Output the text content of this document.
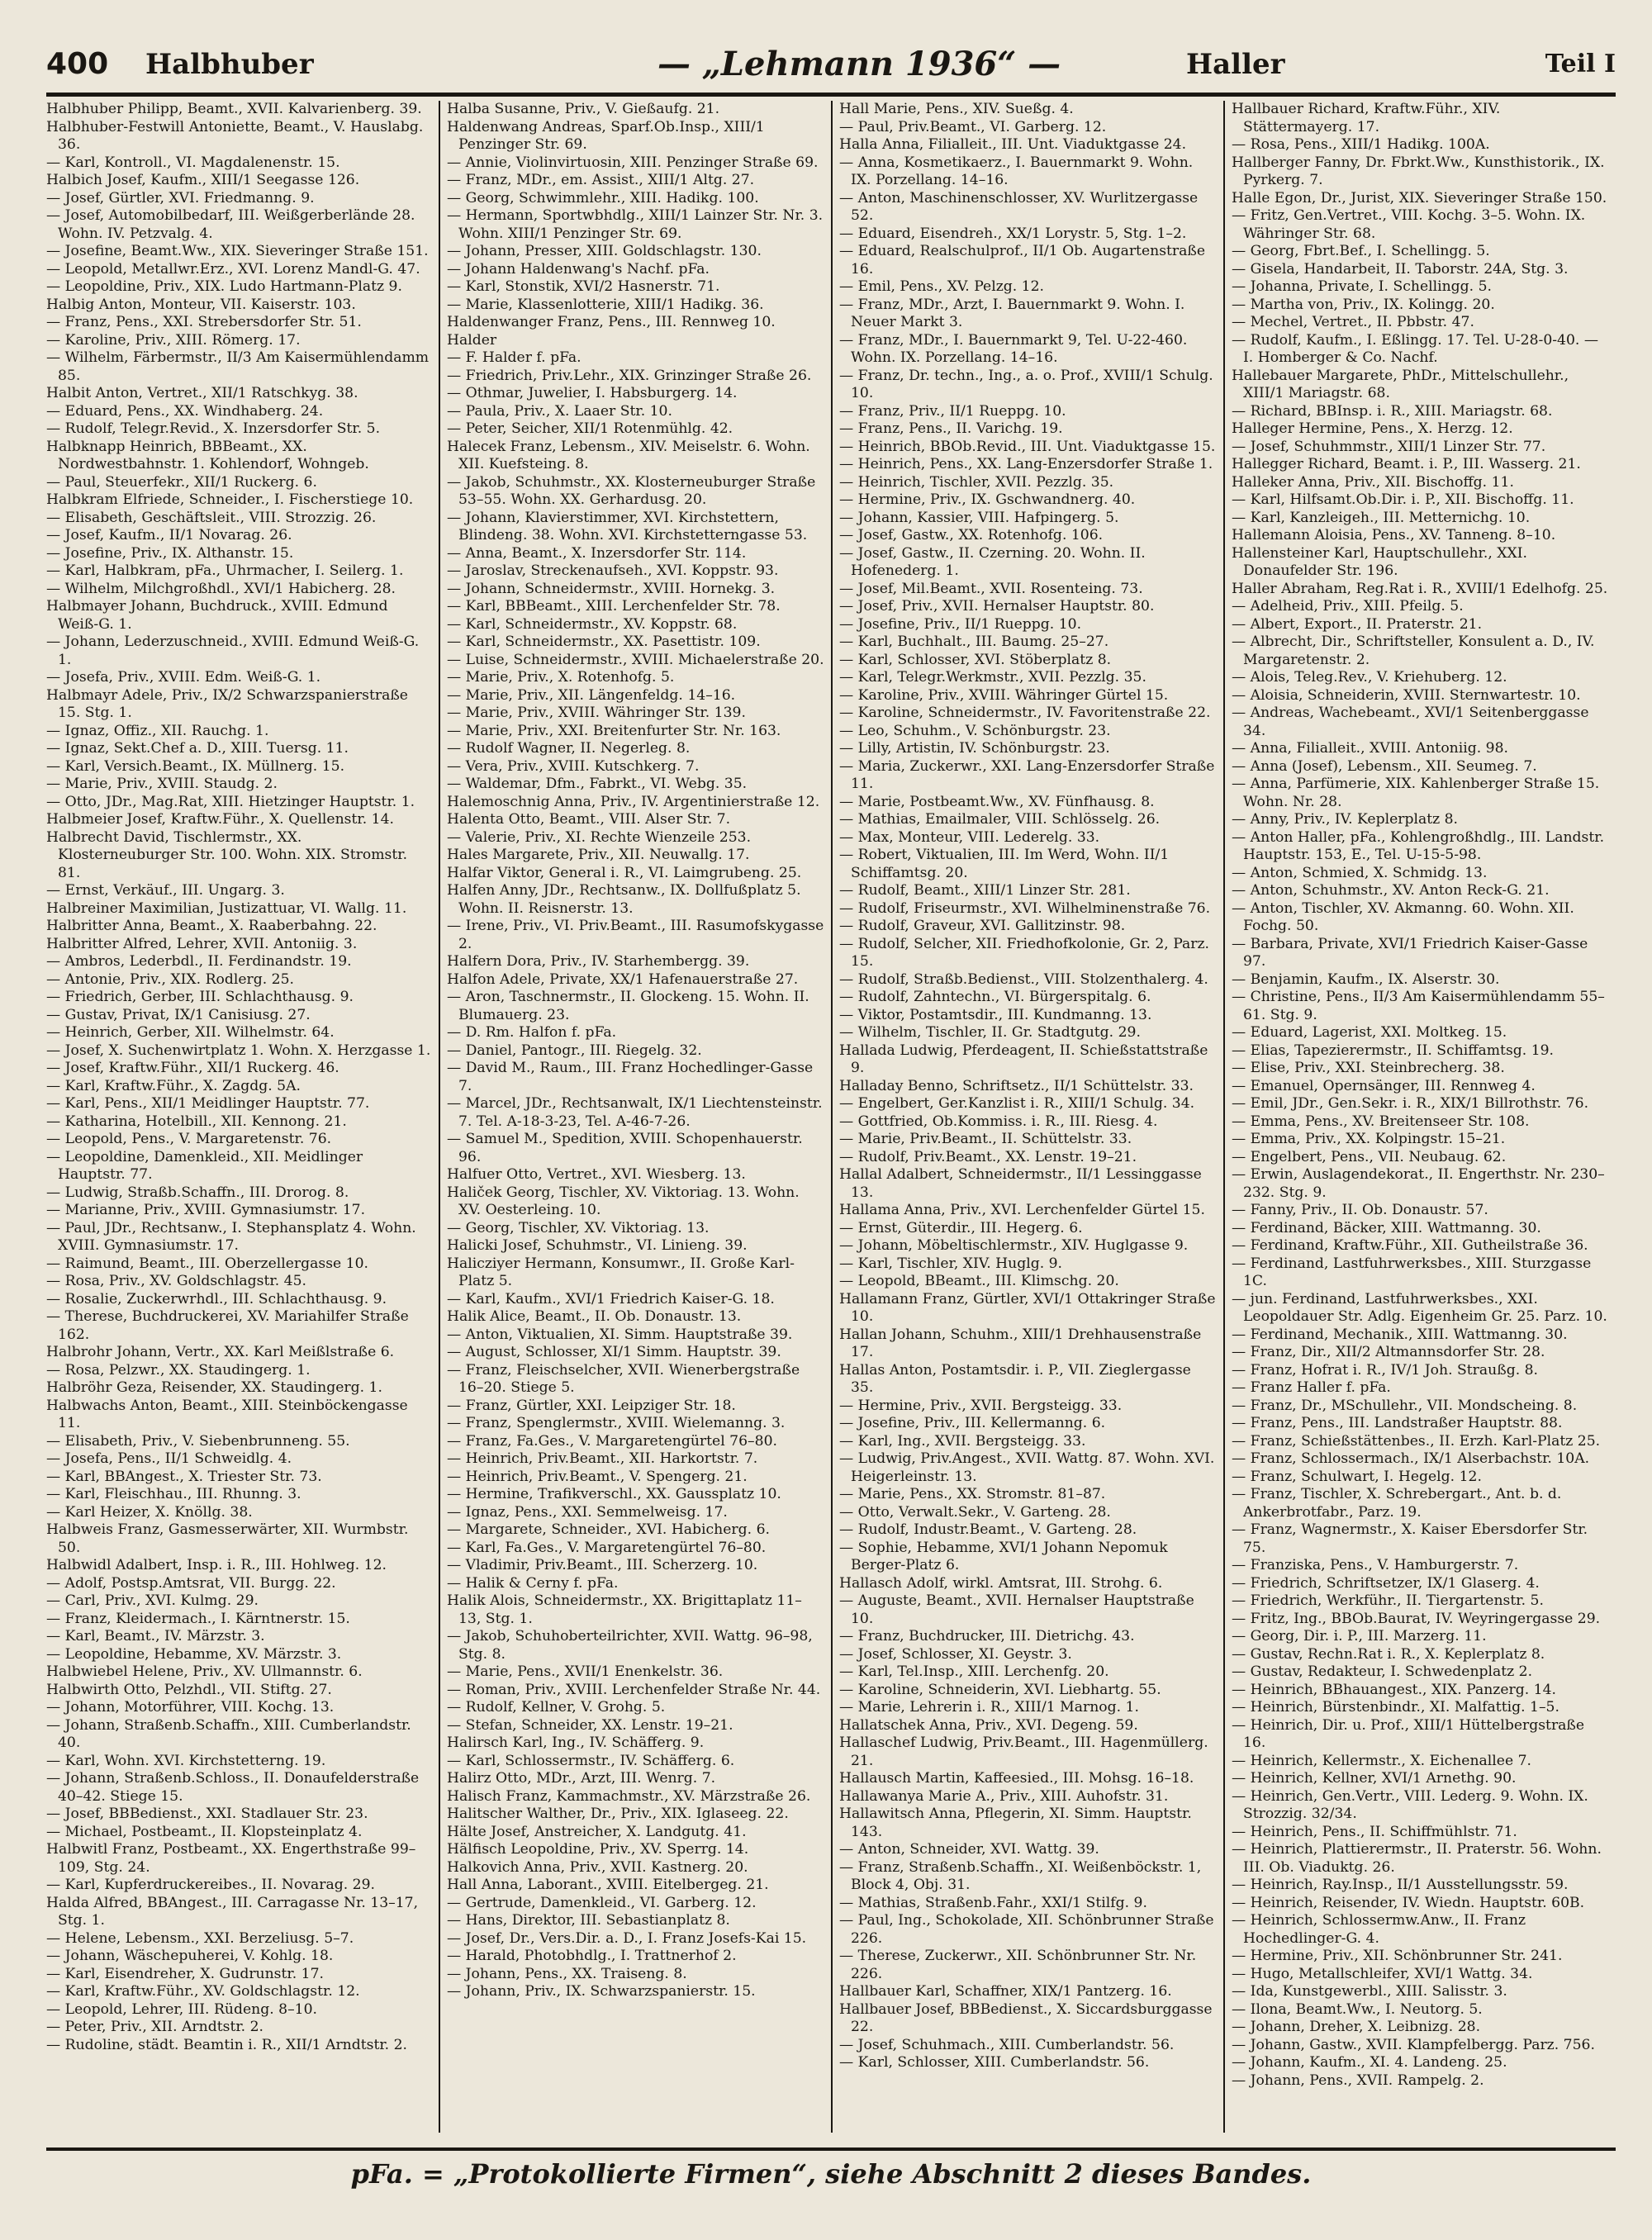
400 Halbhuber	— „Lehmann 1936“ —	Haller	Teil I

Halbhuber Philipp, Beamt., XVII. Kalvarienberg. 39.

Halbhuber-Festwill Antoniette, Beamt., V. Hauslabg. 36.

— Karl, Kontroll., VI. Magdalenenstr. 15.

Halbich Josef, Kaufm., XIII/1 Seegasse 126.

— Josef, Gürtler, XVI. Friedmanng. 9.

— Josef, Automobilbedarf, III. Weißgerberlände 28. Wohn. IV. Petzvalg. 4.

— Josefine, Beamt.Ww., XIX. Sieveringer Straße 151.

— Leopold, Metallwr.Erz., XVI. Lorenz Mandl-G. 47.

— Leopoldine, Priv., XIX. Ludo Hartmann-Platz 9.

Halbig Anton, Monteur, VII. Kaiserstr. 103.

— Franz, Pens., XXI. Strebersdorfer Str. 51.

— Karoline, Priv., XIII. Römerg. 17.

— Wilhelm, Färbermstr., II/3 Am Kaisermühlendamm 85.

Halbit Anton, Vertret., XII/1 Ratschkyg. 38.

— Eduard, Pens., XX. Windhaberg. 24.

— Rudolf, Telegr.Revid., X. Inzersdorfer Str. 5.

Halbknapp Heinrich, BBBeamt., XX. Nordwestbahnstr. 1. Kohlendorf, Wohngeb.

— Paul, Steuerfekr., XII/1 Ruckerg. 6.

Halbkram Elfriede, Schneider., I. Fischerstiege 10.

— Elisabeth, Geschäftsleit., VIII. Strozzig. 26.

— Josef, Kaufm., II/1 Novarag. 26.

— Josefine, Priv., IX. Althanstr. 15.

— Karl, Halbkram, pFa., Uhrmacher, I. Seilerg. 1.

— Wilhelm, Milchgroßhdl., XVI/1 Habicherg. 28.

Halbmayer Johann, Buchdruck., XVIII. Edmund Weiß-G. 1.

— Johann, Lederzuschneid., XVIII. Edmund Weiß-G. 1.

— Josefa, Priv., XVIII. Edm. Weiß-G. 1.

Halbmayr Adele, Priv., IX/2 Schwarzspanierstraße 15. Stg. 1.

— Ignaz, Offiz., XII. Rauchg. 1.

— Ignaz, Sekt.Chef a. D., XIII. Tuersg. 11.

— Karl, Versich.Beamt., IX. Müllnerg. 15.

— Marie, Priv., XVIII. Staudg. 2.

— Otto, JDr., Mag.Rat, XIII. Hietzinger Hauptstr. 1.

Halbmeier Josef, Kraftw.Führ., X. Quellenstr. 14.

Halbrecht David, Tischlermstr., XX. Klosterneuburger Str. 100. Wohn. XIX. Stromstr. 81.

— Ernst, Verkäuf., III. Ungarg. 3.

Halbreiner Maximilian, Justizattuar, VI. Wallg. 11.

Halbritter Anna, Beamt., X. Raaberbahng. 22.

Halbritter Alfred, Lehrer, XVII. Antoniig. 3.

— Ambros, Lederbdl., II. Ferdinandstr. 19.

— Antonie, Priv., XIX. Rodlerg. 25.

— Friedrich, Gerber, III. Schlachthausg. 9.

— Gustav, Privat, IX/1 Canisiusg. 27.

— Heinrich, Gerber, XII. Wilhelmstr. 64.

— Josef, X. Suchenwirtplatz 1. Wohn. X. Herzgasse 1.

— Josef, Kraftw.Führ., XII/1 Ruckerg. 46.

— Karl, Kraftw.Führ., X. Zagdg. 5A.

— Karl, Pens., XII/1 Meidlinger Hauptstr. 77.

— Katharina, Hotelbill., XII. Kennong. 21.

— Leopold, Pens., V. Margaretenstr. 76.

— Leopoldine, Damenkleid., XII. Meidlinger Hauptstr. 77.

— Ludwig, Straßb.Schaffn., III. Drorog. 8.

— Marianne, Priv., XVIII. Gymnasiumstr. 17.

— Paul, JDr., Rechtsanw., I. Stephansplatz 4. Wohn. XVIII. Gymnasiumstr. 17.

— Raimund, Beamt., III. Oberzellergasse 10.

— Rosa, Priv., XV. Goldschlagstr. 45.

— Rosalie, Zuckerwrhdl., III. Schlachthausg. 9.

— Therese, Buchdruckerei, XV. Mariahilfer Straße 162.

Halbrohr Johann, Vertr., XX. Karl Meißlstraße 6.

— Rosa, Pelzwr., XX. Staudingerg. 1.

Halbröhr Geza, Reisender, XX. Staudingerg. 1.

Halbwachs Anton, Beamt., XIII. Steinböckengasse 11.

— Elisabeth, Priv., V. Siebenbrunneng. 55.

— Josefa, Pens., II/1 Schweidlg. 4.

— Karl, BBAngest., X. Triester Str. 73.

— Karl, Fleischhau., III. Rhunng. 3.

— Karl Heizer, X. Knöllg. 38.

Halbweis Franz, Gasmesserwärter, XII. Wurmbstr. 50.

Halbwidl Adalbert, Insp. i. R., III. Hohlweg. 12.

— Adolf, Postsp.Amtsrat, VII. Burgg. 22.

— Carl, Priv., XVI. Kulmg. 29.

— Franz, Kleidermach., I. Kärntnerstr. 15.

— Karl, Beamt., IV. Märzstr. 3.

— Leopoldine, Hebamme, XV. Märzstr. 3.

Halbwiebel Helene, Priv., XV. Ullmannstr. 6.

Halbwirth Otto, Pelzhdl., VII. Stiftg. 27.

— Johann, Motorführer, VIII. Kochg. 13.

— Johann, Straßenb.Schaffn., XIII. Cumberlandstr. 40.

— Karl, Wohn. XVI. Kirchstetterng. 19.

— Johann, Straßenb.Schloss., II. Donaufelderstraße 40–42. Stiege 15.

— Josef, BBBedienst., XXI. Stadlauer Str. 23.

— Michael, Postbeamt., II. Klopsteinplatz 4.

Halbwitl Franz, Postbeamt., XX. Engerthstraße 99–109, Stg. 24.

— Karl, Kupferdruckereibes., II. Novarag. 29.

Halda Alfred, BBAngest., III. Carragasse Nr. 13–17, Stg. 1.

— Helene, Lebensm., XXI. Berzeliusg. 5–7.

— Johann, Wäschepuherei, V. Kohlg. 18.

— Karl, Eisendreher, X. Gudrunstr. 17.

— Karl, Kraftw.Führ., XV. Goldschlagstr. 12.

— Leopold, Lehrer, III. Rüdeng. 8–10.

— Peter, Priv., XII. Arndtstr. 2.

— Rudoline, städt. Beamtin i. R., XII/1 Arndtstr. 2.

Halba Susanne, Priv., V. Gießaufg. 21.

Haldenwang Andreas, Sparf.Ob.Insp., XIII/1 Penzinger Str. 69.

— Annie, Violinvirtuosin, XIII. Penzinger Straße 69.

— Franz, MDr., em. Assist., XIII/1 Altg. 27.

— Georg, Schwimmlehr., XIII. Hadikg. 100.

— Hermann, Sportwbhdlg., XIII/1 Lainzer Str. Nr. 3. Wohn. XIII/1 Penzinger Str. 69.

— Johann, Presser, XIII. Goldschlagstr. 130.

— Johann Haldenwang's Nachf. pFa.

— Karl, Stonstik, XVI/2 Hasnerstr. 71.

— Marie, Klassenlotterie, XIII/1 Hadikg. 36.

Haldenwanger Franz, Pens., III. Rennweg 10.

Halder

— F. Halder f. pFa.

— Friedrich, Priv.Lehr., XIX. Grinzinger Straße 26.

— Othmar, Juwelier, I. Habsburgerg. 14.

— Paula, Priv., X. Laaer Str. 10.

— Peter, Seicher, XII/1 Rotenmühlg. 42.

Halecek Franz, Lebensm., XIV. Meiselstr. 6. Wohn. XII. Kuefsteing. 8.

— Jakob, Schuhmstr., XX. Klosterneuburger Straße 53–55. Wohn. XX. Gerhardusg. 20.

— Johann, Klavierstimmer, XVI. Kirchstettern, Blindeng. 38. Wohn. XVI. Kirchstetterngasse 53.

— Anna, Beamt., X. Inzersdorfer Str. 114.

— Jaroslav, Streckenaufseh., XVI. Koppstr. 93.

— Johann, Schneidermstr., XVIII. Hornekg. 3.

— Karl, BBBeamt., XIII. Lerchenfelder Str. 78.

— Karl, Schneidermstr., XV. Koppstr. 68.

— Karl, Schneidermstr., XX. Pasettistr. 109.

— Luise, Schneidermstr., XVIII. Michaelerstraße 20.

— Marie, Priv., X. Rotenhofg. 5.

— Marie, Priv., XII. Längenfeldg. 14–16.

— Marie, Priv., XVIII. Währinger Str. 139.

— Marie, Priv., XXI. Breitenfurter Str. Nr. 163.

— Rudolf Wagner, II. Negerleg. 8.

— Vera, Priv., XVIII. Kutschkerg. 7.

— Waldemar, Dfm., Fabrkt., VI. Webg. 35.

Halemoschnig Anna, Priv., IV. Argentinierstraße 12.

Halenta Otto, Beamt., VIII. Alser Str. 7.

— Valerie, Priv., XI. Rechte Wienzeile 253.

Hales Margarete, Priv., XII. Neuwallg. 17.

Halfar Viktor, General i. R., VI. Laimgrubeng. 25.

Halfen Anny, JDr., Rechtsanw., IX. Dollfußplatz 5. Wohn. II. Reisnerstr. 13.

— Irene, Priv., VI. Priv.Beamt., III. Rasumofskygasse 2.

Halfern Dora, Priv., IV. Starhembergg. 39.

Halfon Adele, Private, XX/1 Hafenauerstraße 27.

— Aron, Taschnermstr., II. Glockeng. 15. Wohn. II. Blumauerg. 23.

— D. Rm. Halfon f. pFa.

— Daniel, Pantogr., III. Riegelg. 32.

— David M., Raum., III. Franz Hochedlinger-Gasse 7.

— Marcel, JDr., Rechtsanwalt, IX/1 Liechtensteinstr. 7. Tel. A-18-3-23, Tel. A-46-7-26.

— Samuel M., Spedition, XVIII. Schopenhauerstr. 96.

Halfuer Otto, Vertret., XVI. Wiesberg. 13.

Haliček Georg, Tischler, XV. Viktoriag. 13. Wohn. XV. Oesterleing. 10.

— Georg, Tischler, XV. Viktoriag. 13.

Halicki Josef, Schuhmstr., VI. Linieng. 39.

Halicziyer Hermann, Konsumwr., II. Große Karl-Platz 5.

— Karl, Kaufm., XVI/1 Friedrich Kaiser-G. 18.

Halik Alice, Beamt., II. Ob. Donaustr. 13.

— Anton, Viktualien, XI. Simm. Hauptstraße 39.

— August, Schlosser, XI/1 Simm. Hauptstr. 39.

— Franz, Fleischselcher, XVII. Wienerbergstraße 16–20. Stiege 5.

— Franz, Gürtler, XXI. Leipziger Str. 18.

— Franz, Spenglermstr., XVIII. Wielemanng. 3.

— Franz, Fa.Ges., V. Margaretengürtel 76–80.

— Heinrich, Priv.Beamt., XII. Harkortstr. 7.

— Heinrich, Priv.Beamt., V. Spengerg. 21.

— Hermine, Trafikverschl., XX. Gaussplatz 10.

— Ignaz, Pens., XXI. Semmelweisg. 17.

— Margarete, Schneider., XVI. Habicherg. 6.

— Karl, Fa.Ges., V. Margaretengürtel 76–80.

— Vladimir, Priv.Beamt., III. Scherzerg. 10.

— Halik & Cerny f. pFa.

Halik Alois, Schneidermstr., XX. Brigittaplatz 11–13, Stg. 1.

— Jakob, Schuhoberteilrichter, XVII. Wattg. 96–98, Stg. 8.

— Marie, Pens., XVII/1 Enenkelstr. 36.

— Roman, Priv., XVIII. Lerchenfelder Straße Nr. 44.

— Rudolf, Kellner, V. Grohg. 5.

— Stefan, Schneider, XX. Lenstr. 19–21.

Halirsch Karl, Ing., IV. Schäfferg. 9.

— Karl, Schlossermstr., IV. Schäfferg. 6.

Halirz Otto, MDr., Arzt, III. Wenrg. 7.

Halisch Franz, Kammachmstr., XV. Märzstraße 26.

Halitscher Walther, Dr., Priv., XIX. Iglaseeg. 22.

Hälte Josef, Anstreicher, X. Landgutg. 41.

Hälfisch Leopoldine, Priv., XV. Sperrg. 14.

Halkovich Anna, Priv., XVII. Kastnerg. 20.

Hall Anna, Laborant., XVIII. Eitelbergeg. 21.

— Gertrude, Damenkleid., VI. Garberg. 12.

— Hans, Direktor, III. Sebastianplatz 8.

— Josef, Dr., Vers.Dir. a. D., I. Franz Josefs-Kai 15.

— Harald, Photobhdlg., I. Trattnerhof 2.

— Johann, Pens., XX. Traiseng. 8.

— Johann, Priv., IX. Schwarzspanierstr. 15.

Hall Marie, Pens., XIV. Sueßg. 4.

— Paul, Priv.Beamt., VI. Garberg. 12.

Halla Anna, Filialleit., III. Unt. Viaduktgasse 24.

— Anna, Kosmetikaerz., I. Bauernmarkt 9. Wohn. IX. Porzellang. 14–16.

— Anton, Maschinenschlosser, XV. Wurlitzergasse 52.

— Eduard, Eisendreh., XX/1 Lorystr. 5, Stg. 1–2.

— Eduard, Realschulprof., II/1 Ob. Augartenstraße 16.

— Emil, Pens., XV. Pelzg. 12.

— Franz, MDr., Arzt, I. Bauernmarkt 9. Wohn. I. Neuer Markt 3.

— Franz, MDr., I. Bauernmarkt 9, Tel. U-22-460. Wohn. IX. Porzellang. 14–16.

— Franz, Dr. techn., Ing., a. o. Prof., XVIII/1 Schulg. 10.

— Franz, Priv., II/1 Rueppg. 10.

— Franz, Pens., II. Varichg. 19.

— Heinrich, BBOb.Revid., III. Unt. Viaduktgasse 15.

— Heinrich, Pens., XX. Lang-Enzersdorfer Straße 1.

— Heinrich, Tischler, XVII. Pezzlg. 35.

— Hermine, Priv., IX. Gschwandnerg. 40.

— Johann, Kassier, VIII. Hafpingerg. 5.

— Josef, Gastw., XX. Rotenhofg. 106.

— Josef, Gastw., II. Czerning. 20. Wohn. II. Hofenederg. 1.

— Josef, Mil.Beamt., XVII. Rosenteing. 73.

— Josef, Priv., XVII. Hernalser Hauptstr. 80.

— Josefine, Priv., II/1 Rueppg. 10.

— Karl, Buchhalt., III. Baumg. 25–27.

— Karl, Schlosser, XVI. Stöberplatz 8.

— Karl, Telegr.Werkmstr., XVII. Pezzlg. 35.

— Karoline, Priv., XVIII. Währinger Gürtel 15.

— Karoline, Schneidermstr., IV. Favoritenstraße 22.

— Leo, Schuhm., V. Schönburgstr. 23.

— Lilly, Artistin, IV. Schönburgstr. 23.

— Maria, Zuckerwr., XXI. Lang-Enzersdorfer Straße 11.

— Marie, Postbeamt.Ww., XV. Fünfhausg. 8.

— Mathias, Emailmaler, VIII. Schlösselg. 26.

— Max, Monteur, VIII. Lederelg. 33.

— Robert, Viktualien, III. Im Werd, Wohn. II/1 Schiffamtsg. 20.

— Rudolf, Beamt., XIII/1 Linzer Str. 281.

— Rudolf, Friseurmstr., XVI. Wilhelminenstraße 76.

— Rudolf, Graveur, XVI. Gallitzinstr. 98.

— Rudolf, Selcher, XII. Friedhofkolonie, Gr. 2, Parz. 15.

— Rudolf, Straßb.Bedienst., VIII. Stolzenthalerg. 4.

— Rudolf, Zahntechn., VI. Bürgerspitalg. 6.

— Viktor, Postamtsdir., III. Kundmanng. 13.

— Wilhelm, Tischler, II. Gr. Stadtgutg. 29.

Hallada Ludwig, Pferdeagent, II. Schießstattstraße 9.

Halladay Benno, Schriftsetz., II/1 Schüttelstr. 33.

— Engelbert, Ger.Kanzlist i. R., XIII/1 Schulg. 34.

— Gottfried, Ob.Kommiss. i. R., III. Riesg. 4.

— Marie, Priv.Beamt., II. Schüttelstr. 33.

— Rudolf, Priv.Beamt., XX. Lenstr. 19–21.

Hallal Adalbert, Schneidermstr., II/1 Lessinggasse 13.

Hallama Anna, Priv., XVI. Lerchenfelder Gürtel 15.

— Ernst, Güterdir., III. Hegerg. 6.

— Johann, Möbeltischlermstr., XIV. Huglgasse 9.

— Karl, Tischler, XIV. Huglg. 9.

— Leopold, BBeamt., III. Klimschg. 20.

Hallamann Franz, Gürtler, XVI/1 Ottakringer Straße 10.

Hallan Johann, Schuhm., XIII/1 Drehhausenstraße 17.

Hallas Anton, Postamtsdir. i. P., VII. Zieglergasse 35.

— Hermine, Priv., XVII. Bergsteigg. 33.

— Josefine, Priv., III. Kellermanng. 6.

— Karl, Ing., XVII. Bergsteigg. 33.

— Ludwig, Priv.Angest., XVII. Wattg. 87. Wohn. XVI. Heigerleinstr. 13.

— Marie, Pens., XX. Stromstr. 81–87.

— Otto, Verwalt.Sekr., V. Garteng. 28.

— Rudolf, Industr.Beamt., V. Garteng. 28.

— Sophie, Hebamme, XVI/1 Johann Nepomuk Berger-Platz 6.

Hallasch Adolf, wirkl. Amtsrat, III. Strohg. 6.

— Auguste, Beamt., XVII. Hernalser Hauptstraße 10.

— Franz, Buchdrucker, III. Dietrichg. 43.

— Josef, Schlosser, XI. Geystr. 3.

— Karl, Tel.Insp., XIII. Lerchenfg. 20.

— Karoline, Schneiderin, XVI. Liebhartg. 55.

— Marie, Lehrerin i. R., XIII/1 Marnog. 1.

Hallatschek Anna, Priv., XVI. Degeng. 59.

Hallaschef Ludwig, Priv.Beamt., III. Hagenmüllerg. 21.

Hallausch Martin, Kaffeesied., III. Mohsg. 16–18.

Hallawanya Marie A., Priv., XIII. Auhofstr. 31.

Hallawitsch Anna, Pflegerin, XI. Simm. Hauptstr. 143.

— Anton, Schneider, XVI. Wattg. 39.

— Franz, Straßenb.Schaffn., XI. Weißenböckstr. 1, Block 4, Obj. 31.

— Mathias, Straßenb.Fahr., XXI/1 Stilfg. 9.

— Paul, Ing., Schokolade, XII. Schönbrunner Straße 226.

— Therese, Zuckerwr., XII. Schönbrunner Str. Nr. 226.

Hallbauer Karl, Schaffner, XIX/1 Pantzerg. 16.

Hallbauer Josef, BBBedienst., X. Siccardsburggasse 22.

— Josef, Schuhmach., XIII. Cumberlandstr. 56.

— Karl, Schlosser, XIII. Cumberlandstr. 56.

Hallbauer Richard, Kraftw.Führ., XIV. Stättermayerg. 17.

— Rosa, Pens., XIII/1 Hadikg. 100A.

Hallberger Fanny, Dr. Fbrkt.Ww., Kunsthistorik., IX. Pyrkerg. 7.

Halle Egon, Dr., Jurist, XIX. Sieveringer Straße 150.

— Fritz, Gen.Vertret., VIII. Kochg. 3–5. Wohn. IX. Währinger Str. 68.

— Georg, Fbrt.Bef., I. Schellingg. 5.

— Gisela, Handarbeit, II. Taborstr. 24A, Stg. 3.

— Johanna, Private, I. Schellingg. 5.

— Martha von, Priv., IX. Kolingg. 20.

— Mechel, Vertret., II. Pbbstr. 47.

— Rudolf, Kaufm., I. Eßlingg. 17. Tel. U-28-0-40. — I. Homberger & Co. Nachf.

Hallebauer Margarete, PhDr., Mittelschullehr., XIII/1 Mariagstr. 68.

— Richard, BBInsp. i. R., XIII. Mariagstr. 68.

Halleger Hermine, Pens., X. Herzg. 12.

— Josef, Schuhmmstr., XIII/1 Linzer Str. 77.

Hallegger Richard, Beamt. i. P., III. Wasserg. 21.

Halleker Anna, Priv., XII. Bischoffg. 11.

— Karl, Hilfsamt.Ob.Dir. i. P., XII. Bischoffg. 11.

— Karl, Kanzleigeh., III. Metternichg. 10.

Hallemann Aloisia, Pens., XV. Tanneng. 8–10.

Hallensteiner Karl, Hauptschullehr., XXI. Donaufelder Str. 196.

Haller Abraham, Reg.Rat i. R., XVIII/1 Edelhofg. 25.

— Adelheid, Priv., XIII. Pfeilg. 5.

— Albert, Export., II. Praterstr. 21.

— Albrecht, Dir., Schriftsteller, Konsulent a. D., IV. Margaretenstr. 2.

— Alois, Teleg.Rev., V. Kriehuberg. 12.

— Aloisia, Schneiderin, XVIII. Sternwartestr. 10.

— Andreas, Wachebeamt., XVI/1 Seitenberggasse 34.

— Anna, Filialleit., XVIII. Antoniig. 98.

— Anna (Josef), Lebensm., XII. Seumeg. 7.

— Anna, Parfümerie, XIX. Kahlenberger Straße 15. Wohn. Nr. 28.

— Anny, Priv., IV. Keplerplatz 8.

— Anton Haller, pFa., Kohlengroßhdlg., III. Landstr. Hauptstr. 153, E., Tel. U-15-5-98.

— Anton, Schmied, X. Schmidg. 13.

— Anton, Schuhmstr., XV. Anton Reck-G. 21.

— Anton, Tischler, XV. Akmanng. 60. Wohn. XII. Fochg. 50.

— Barbara, Private, XVI/1 Friedrich Kaiser-Gasse 97.

— Benjamin, Kaufm., IX. Alserstr. 30.

— Christine, Pens., II/3 Am Kaisermühlendamm 55–61. Stg. 9.

— Eduard, Lagerist, XXI. Moltkeg. 15.

— Elias, Tapezierermstr., II. Schiffamtsg. 19.

— Elise, Priv., XXI. Steinbrecherg. 38.

— Emanuel, Opernsänger, III. Rennweg 4.

— Emil, JDr., Gen.Sekr. i. R., XIX/1 Billrothstr. 76.

— Emma, Pens., XV. Breitenseer Str. 108.

— Emma, Priv., XX. Kolpingstr. 15–21.

— Engelbert, Pens., VII. Neubaug. 62.

— Erwin, Auslagendekorat., II. Engerthstr. Nr. 230–232. Stg. 9.

— Fanny, Priv., II. Ob. Donaustr. 57.

— Ferdinand, Bäcker, XIII. Wattmanng. 30.

— Ferdinand, Kraftw.Führ., XII. Gutheilstraße 36.

— Ferdinand, Lastfuhrwerksbes., XIII. Sturzgasse 1C.

— jun. Ferdinand, Lastfuhrwerksbes., XXI. Leopoldauer Str. Adlg. Eigenheim Gr. 25. Parz. 10.

— Ferdinand, Mechanik., XIII. Wattmanng. 30.

— Franz, Dir., XII/2 Altmannsdorfer Str. 28.

— Franz, Hofrat i. R., IV/1 Joh. Straußg. 8.

— Franz Haller f. pFa.

— Franz, Dr., MSchullehr., VII. Mondscheing. 8.

— Franz, Pens., III. Landstraßer Hauptstr. 88.

— Franz, Schießstättenbes., II. Erzh. Karl-Platz 25.

— Franz, Schlossermach., IX/1 Alserbachstr. 10A.

— Franz, Schulwart, I. Hegelg. 12.

— Franz, Tischler, X. Schrebergart., Ant. b. d. Ankerbrotfabr., Parz. 19.

— Franz, Wagnermstr., X. Kaiser Ebersdorfer Str. 75.

— Franziska, Pens., V. Hamburgerstr. 7.

— Friedrich, Schriftsetzer, IX/1 Glaserg. 4.

— Friedrich, Werkführ., II. Tiergartenstr. 5.

— Fritz, Ing., BBOb.Baurat, IV. Weyringergasse 29.

— Georg, Dir. i. P., III. Marzerg. 11.

— Gustav, Rechn.Rat i. R., X. Keplerplatz 8.

— Gustav, Redakteur, I. Schwedenplatz 2.

— Heinrich, BBhauangest., XIX. Panzerg. 14.

— Heinrich, Bürstenbindr., XI. Malfattig. 1–5.

— Heinrich, Dir. u. Prof., XIII/1 Hüttelbergstraße 16.

— Heinrich, Kellermstr., X. Eichenallee 7.

— Heinrich, Kellner, XVI/1 Arnethg. 90.

— Heinrich, Gen.Vertr., VIII. Lederg. 9. Wohn. IX. Strozzig. 32/34.

— Heinrich, Pens., II. Schiffmühlstr. 71.

— Heinrich, Plattierermstr., II. Praterstr. 56. Wohn. III. Ob. Viaduktg. 26.

— Heinrich, Ray.Insp., II/1 Ausstellungsstr. 59.

— Heinrich, Reisender, IV. Wiedn. Hauptstr. 60B.

— Heinrich, Schlossermw.Anw., II. Franz Hochedlinger-G. 4.

— Hermine, Priv., XII. Schönbrunner Str. 241.

— Hugo, Metallschleifer, XVI/1 Wattg. 34.

— Ida, Kunstgewerbl., XIII. Salisstr. 3.

— Ilona, Beamt.Ww., I. Neutorg. 5.

— Johann, Dreher, X. Leibnizg. 28.

— Johann, Gastw., XVII. Klampfelbergg. Parz. 756.

— Johann, Kaufm., XI. 4. Landeng. 25.

— Johann, Pens., XVII. Rampelg. 2.

pFa. = „Protokollierte Firmen“, siehe Abschnitt 2 dieses Bandes.
